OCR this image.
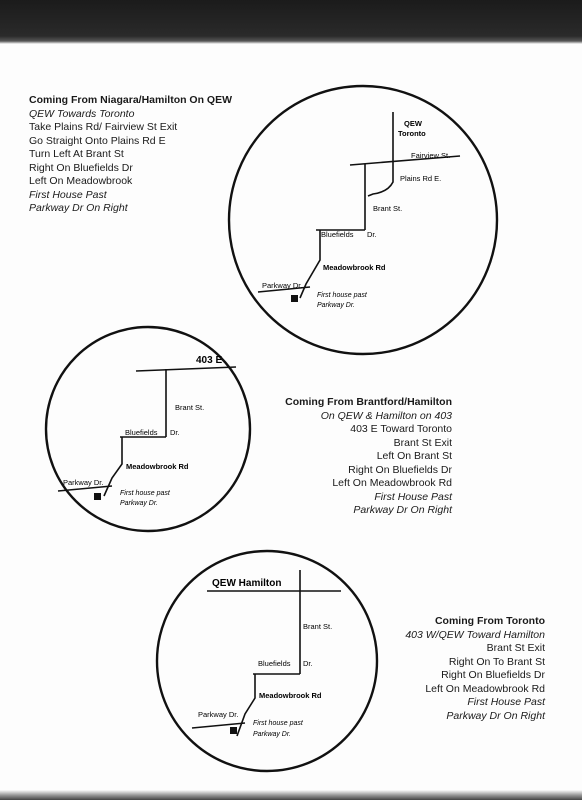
Coming From Niagara/Hamilton On QEW
QEW Towards Toronto
Take Plains Rd/ Fairview St Exit
Go Straight Onto Plains Rd E
Turn Left At Brant St
Right On Bluefields Dr
Left On Meadowbrook
First House Past
Parkway Dr On Right
QEW
Toronto
Fairview St.
Plains Rd E.
Brant St.
Bluefields Dr.
Meadowbrook Rd
Parkway Dr.
First house past
Parkway Dr.
403 E
Brant St.
Bluefields Dr.
Meadowbrook Rd
Parkway Dr.
First house past
Parkway Dr.
Coming From Brantford/Hamilton
On QEW & Hamilton on 403
403 E Toward Toronto
Brant St Exit
Left On Brant St
Right On Bluefields Dr
Left On Meadowbrook Rd
First House Past
Parkway Dr On Right
QEW Hamilton
Brant St.
Bluefields Dr.
Meadowbrook Rd
Parkway Dr.
First house past
Parkway Dr.
Coming From Toronto
403 W/QEW Toward Hamilton
Brant St Exit
Right On To Brant St
Right On Bluefields Dr
Left On Meadowbrook Rd
First House Past
Parkway Dr On Right
